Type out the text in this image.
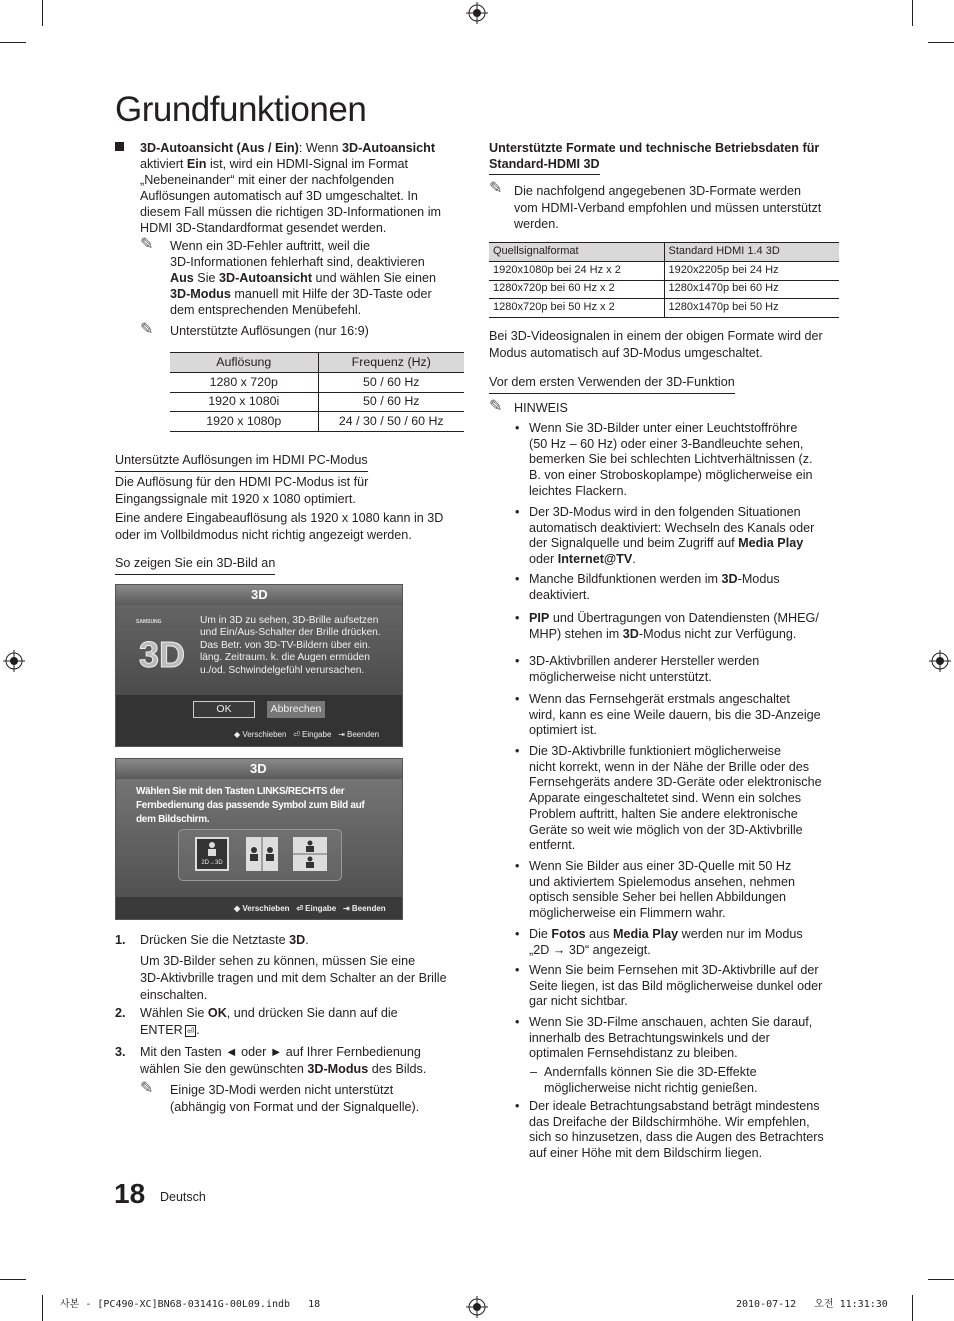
Grundfunktionen
3D-Autoansicht (Aus / Ein): Wenn 3D-Autoansicht
aktiviert Ein ist, wird ein HDMI-Signal im Format
„Nebeneinander“ mit einer der nachfolgenden
Auflösungen automatisch auf 3D umgeschaltet. In
diesem Fall müssen die richtigen 3D-Informationen im
HDMI 3D-Standardformat gesendet werden.
✎ Wenn ein 3D-Fehler auftritt, weil die
3D-Informationen fehlerhaft sind, deaktivieren
Aus Sie 3D-Autoansicht und wählen Sie einen
3D-Modus manuell mit Hilfe der 3D-Taste oder
dem entsprechenden Menübefehl.
✎ Unterstützte Auflösungen (nur 16:9)
Auflösung	Frequenz (Hz)
1280 x 720p	50 / 60 Hz
1920 x 1080i	50 / 60 Hz
1920 x 1080p	24 / 30 / 50 / 60 Hz
Untersützte Auflösungen im HDMI PC-Modus
Die Auflösung für den HDMI PC-Modus ist für
Eingangssignale mit 1920 x 1080 optimiert.
Eine andere Eingabeauflösung als 1920 x 1080 kann in 3D
oder im Vollbildmodus nicht richtig angezeigt werden.
So zeigen Sie ein 3D-Bild an
3D
SAMSUNG
3D
Um in 3D zu sehen, 3D-Brille aufsetzen
und Ein/Aus-Schalter der Brille drücken.
Das Betr. von 3D-TV-Bildern über ein.
läng. Zeitraum. k. die Augen ermüden
u./od. Schwindelgefühl verursachen.
OK	Abbrechen
◆ Verschieben ⏎ Eingabe ⇥ Beenden
3D
Wählen Sie mit den Tasten LINKS/RECHTS der
Fernbedienung das passende Symbol zum Bild auf
dem Bildschirm.
2D→3D
◆ Verschieben ⏎ Eingabe ⇥ Beenden
1. Drücken Sie die Netztaste 3D.
Um 3D-Bilder sehen zu können, müssen Sie eine
3D-Aktivbrille tragen und mit dem Schalter an der Brille
einschalten.
2. Wählen Sie OK, und drücken Sie dann auf die
ENTER ⏎ .
3. Mit den Tasten ◄ oder ► auf Ihrer Fernbedienung
wählen Sie den gewünschten 3D-Modus des Bilds.
✎ Einige 3D-Modi werden nicht unterstützt
(abhängig von Format und der Signalquelle).
Unterstützte Formate und technische Betriebsdaten für
Standard-HDMI 3D
✎ Die nachfolgend angegebenen 3D-Formate werden
vom HDMI-Verband empfohlen und müssen unterstützt
werden.
Quellsignalformat	Standard HDMI 1.4 3D
1920x1080p bei 24 Hz x 2	1920x2205p bei 24 Hz
1280x720p bei 60 Hz x 2	1280x1470p bei 60 Hz
1280x720p bei 50 Hz x 2	1280x1470p bei 50 Hz
Bei 3D-Videosignalen in einem der obigen Formate wird der
Modus automatisch auf 3D-Modus umgeschaltet.
Vor dem ersten Verwenden der 3D-Funktion
✎ HINWEIS
• Wenn Sie 3D-Bilder unter einer Leuchtstoffröhre
(50 Hz – 60 Hz) oder einer 3-Bandleuchte sehen,
bemerken Sie bei schlechten Lichtverhältnissen (z.
B. von einer Stroboskoplampe) möglicherweise ein
leichtes Flackern.
• Der 3D-Modus wird in den folgenden Situationen
automatisch deaktiviert: Wechseln des Kanals oder
der Signalquelle und beim Zugriff auf Media Play
oder Internet@TV.
• Manche Bildfunktionen werden im 3D-Modus
deaktiviert.
• PIP und Übertragungen von Datendiensten (MHEG/
MHP) stehen im 3D-Modus nicht zur Verfügung.
• 3D-Aktivbrillen anderer Hersteller werden
möglicherweise nicht unterstützt.
• Wenn das Fernsehgerät erstmals angeschaltet
wird, kann es eine Weile dauern, bis die 3D-Anzeige
optimiert ist.
• Die 3D-Aktivbrille funktioniert möglicherweise
nicht korrekt, wenn in der Nähe der Brille oder des
Fernsehgeräts andere 3D-Geräte oder elektronische
Apparate eingeschaltetet sind. Wenn ein solches
Problem auftritt, halten Sie andere elektronische
Geräte so weit wie möglich von der 3D-Aktivbrille
entfernt.
• Wenn Sie Bilder aus einer 3D-Quelle mit 50 Hz
und aktiviertem Spielemodus ansehen, nehmen
optisch sensible Seher bei hellen Abbildungen
möglicherweise ein Flimmern wahr.
• Die Fotos aus Media Play werden nur im Modus
„2D → 3D“ angezeigt.
• Wenn Sie beim Fernsehen mit 3D-Aktivbrille auf der
Seite liegen, ist das Bild möglicherweise dunkel oder
gar nicht sichtbar.
• Wenn Sie 3D-Filme anschauen, achten Sie darauf,
innerhalb des Betrachtungswinkels und der
optimalen Fernsehdistanz zu bleiben.
– Andernfalls können Sie die 3D-Effekte
möglicherweise nicht richtig genießen.
• Der ideale Betrachtungsabstand beträgt mindestens
das Dreifache der Bildschirmhöhe. Wir empfehlen,
sich so hinzusetzen, dass die Augen des Betrachters
auf einer Höhe mit dem Bildschirm liegen.
18 Deutsch
사본 - [PC490-XC]BN68-03141G-00L09.indb   18	2010-07-12   오전 11:31:30
